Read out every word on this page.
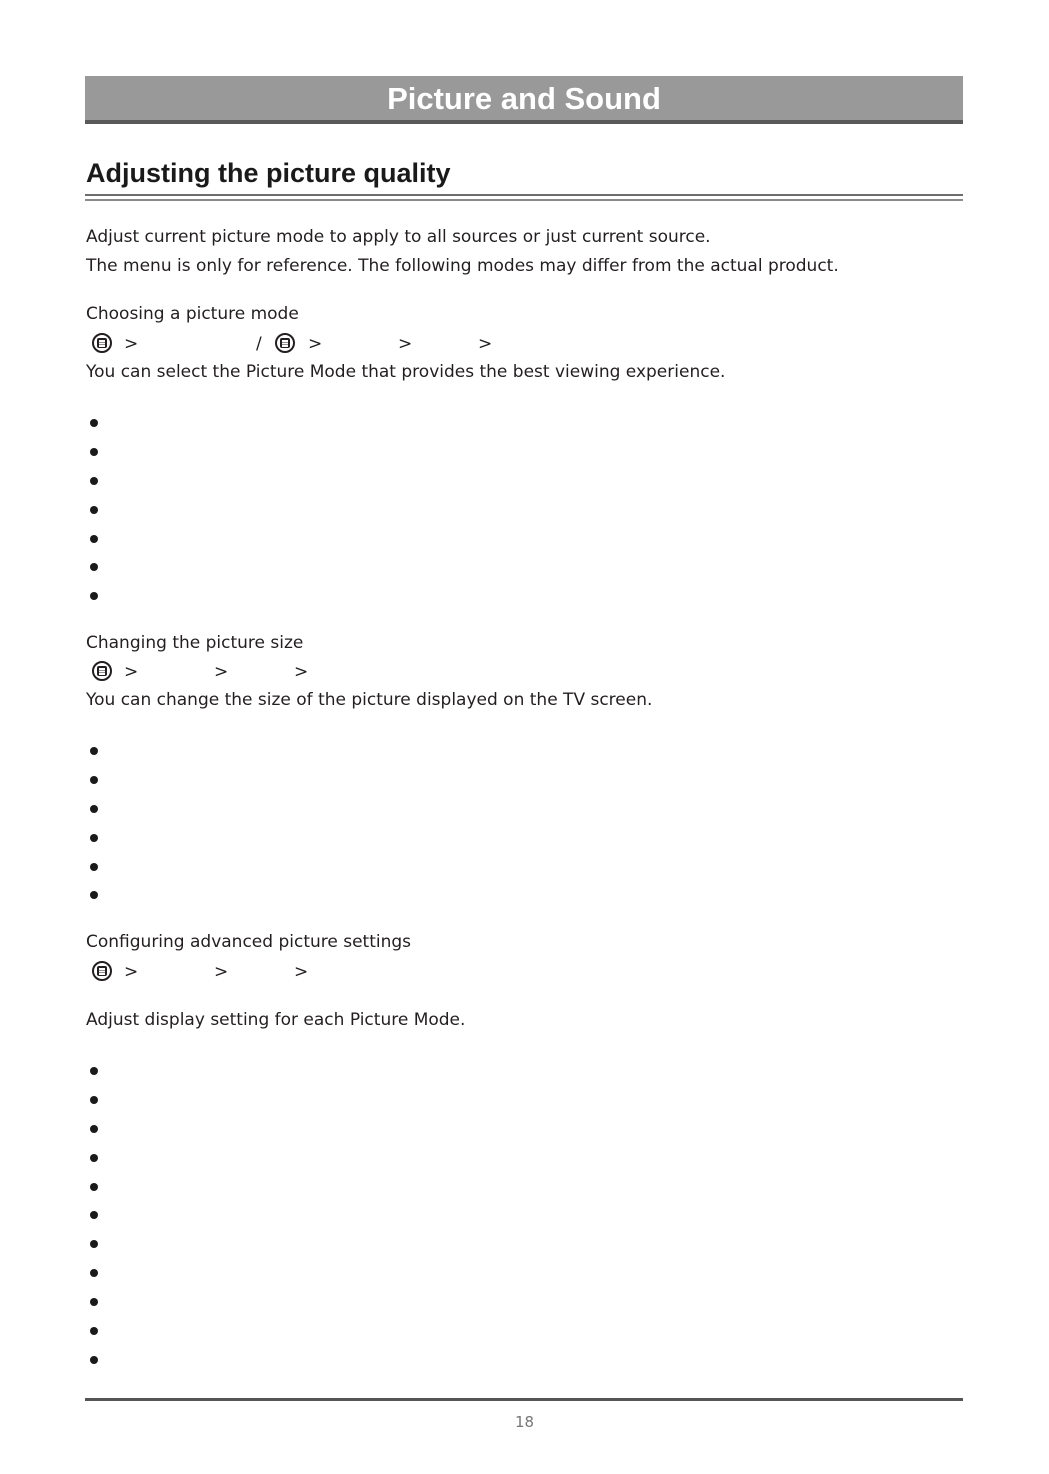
Picture and Sound
Adjusting the picture quality

Adjust current picture mode to apply to all sources or just current source.

The menu is only for reference. The following modes may differ from the actual product.

Choosing a picture mode

>	/	>	>	>

You can select the Picture Mode that provides the best viewing experience.

Changing the picture size

>	>	>

You can change the size of the picture displayed on the TV screen.

Configuring advanced picture settings

>	>	>

Adjust display setting for each Picture Mode.

18
